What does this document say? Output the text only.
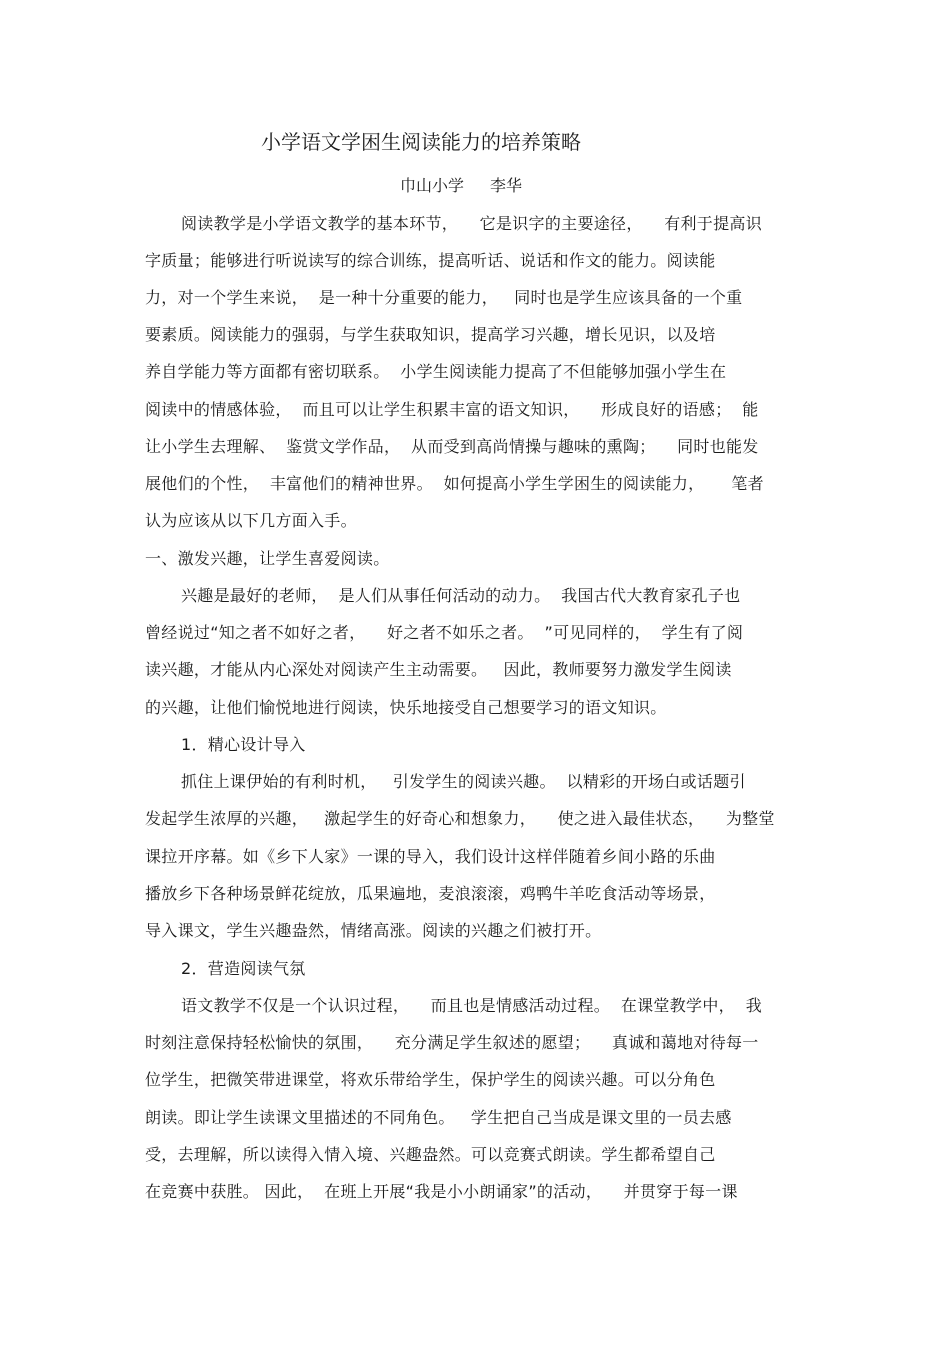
小学语文学困生阅读能力的培养策略
巾山小学 李华
阅读教学是小学语文教学的基本环节，    它是识字的主要途径，    有利于提高识
字质量；能够进行听说读写的综合训练，提高听话、说话和作文的能力。阅读能
力，对一个学生来说，  是一种十分重要的能力，   同时也是学生应该具备的一个重
要素质。阅读能力的强弱，与学生获取知识，提高学习兴趣，增长见识，以及培
养自学能力等方面都有密切联系。  小学生阅读能力提高了不但能够加强小学生在
阅读中的情感体验，  而且可以让学生积累丰富的语文知识，    形成良好的语感；  能
让小学生去理解、  鉴赏文学作品，  从而受到高尚情操与趣味的熏陶；    同时也能发
展他们的个性，  丰富他们的精神世界。  如何提高小学生学困生的阅读能力，     笔者
认为应该从以下几方面入手。
一、激发兴趣，让学生喜爱阅读。
兴趣是最好的老师，  是人们从事任何活动的动力。  我国古代大教育家孔子也
曾经说过“知之者不如好之者，    好之者不如乐之者。  ”可见同样的，  学生有了阅
读兴趣，才能从内心深处对阅读产生主动需要。   因此，教师要努力激发学生阅读
的兴趣，让他们愉悦地进行阅读，快乐地接受自己想要学习的语文知识。
1．精心设计导入
抓住上课伊始的有利时机，   引发学生的阅读兴趣。  以精彩的开场白或话题引
发起学生浓厚的兴趣，   激起学生的好奇心和想象力，    使之进入最佳状态，    为整堂
课拉开序幕。如《乡下人家》一课的导入，我们设计这样伴随着乡间小路的乐曲
播放乡下各种场景鲜花绽放，瓜果遍地，麦浪滚滚，鸡鸭牛羊吃食活动等场景，
导入课文，学生兴趣盎然，情绪高涨。阅读的兴趣之们被打开。
2．营造阅读气氛
语文教学不仅是一个认识过程，    而且也是情感活动过程。  在课堂教学中，  我
时刻注意保持轻松愉快的氛围，    充分满足学生叙述的愿望；    真诚和蔼地对待每一
位学生，把微笑带进课堂，将欢乐带给学生，保护学生的阅读兴趣。可以分角色
朗读。即让学生读课文里描述的不同角色。   学生把自己当成是课文里的一员去感
受，去理解，所以读得入情入境、兴趣盎然。可以竞赛式朗读。学生都希望自己
在竞赛中获胜。 因此，  在班上开展“我是小小朗诵家”的活动，    并贯穿于每一课
